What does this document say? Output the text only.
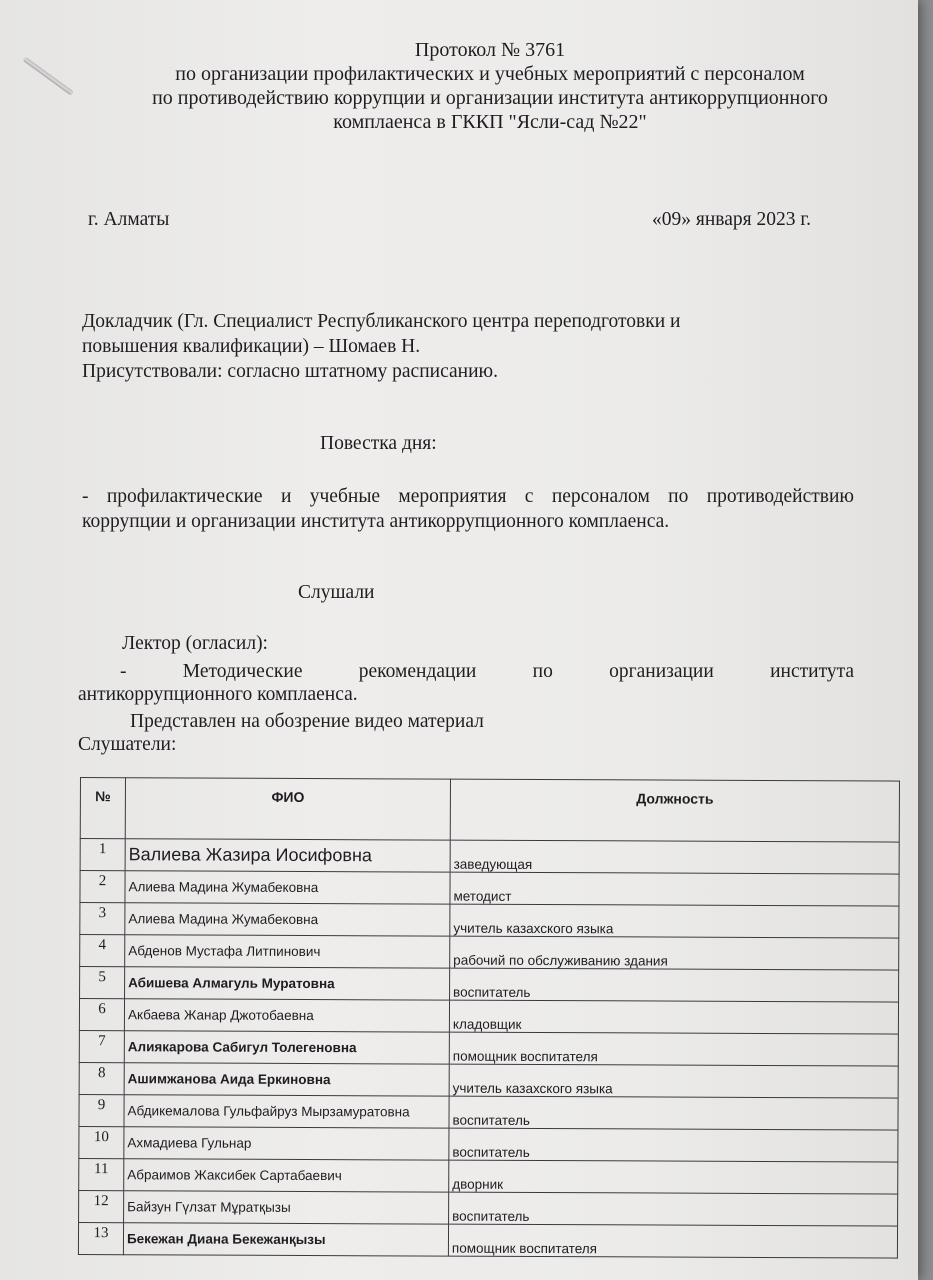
Протокол № 3761
по организации профилактических и учебных мероприятий с персоналом
по противодействию коррупции и организации института антикоррупционного
комплаенса в ГККП "Ясли-сад №22"
г. Алматы	«09» января 2023 г.
Докладчик (Гл. Специалист Республиканского центра переподготовки и
повышения квалификации) – Шомаев Н.
Присутствовали: согласно штатному расписанию.
Повестка дня:
- профилактические и учебные мероприятия с персоналом по противодействию
коррупции и организации института антикоррупционного комплаенса.
Слушали
Лектор (огласил):
- Методические рекомендации по организации института
антикоррупционного комплаенса.
Представлен на обозрение видео материал
Слушатели:
№	ФИО	Должность
1	Валиева Жазира Иосифовна	заведующая
2	Алиева Мадина Жумабековна	методист
3	Алиева Мадина Жумабековна	учитель казахского языка
4	Абденов Мустафа Литпинович	рабочий по обслуживанию здания
5	Абишева Алмагуль Муратовна	воспитатель
6	Акбаева Жанар Джотобаевна	кладовщик
7	Алиякарова Сабигул Толегеновна	помощник воспитателя
8	Ашимжанова Аида Еркиновна	учитель казахского языка
9	Абдикемалова Гульфайруз Мырзамуратовна	воспитатель
10	Ахмадиева Гульнар	воспитатель
11	Абраимов Жаксибек Сартабаевич	дворник
12	Байзун Гүлзат Мұратқызы	воспитатель
13	Бекежан Диана Бекежанқызы	помощник воспитателя
